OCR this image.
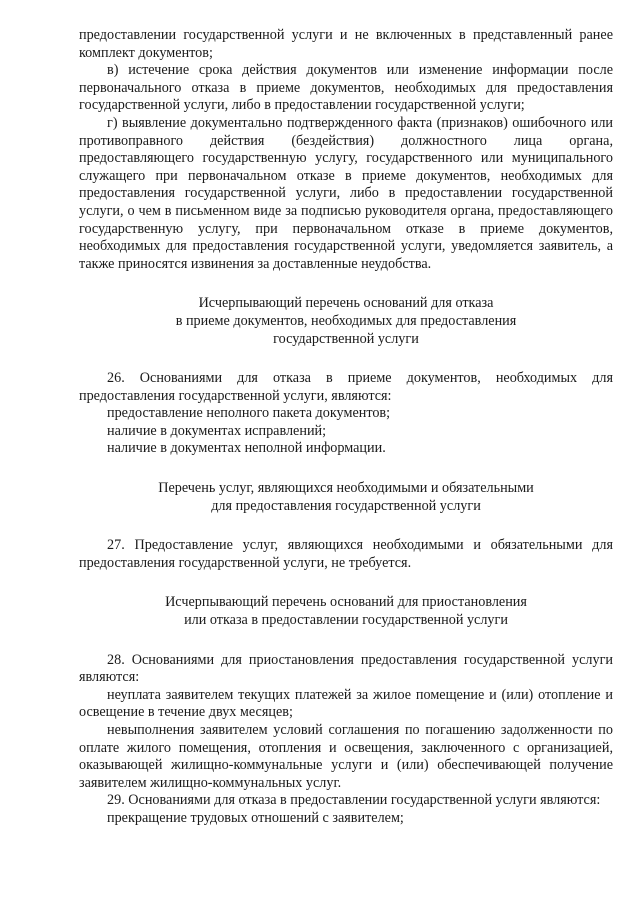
предоставлении государственной услуги и не включенных в представленный ранее комплект документов;

в) истечение срока действия документов или изменение информации после первоначального отказа в приеме документов, необходимых для предоставления государственной услуги, либо в предоставлении государственной услуги;

г) выявление документально подтвержденного факта (признаков) ошибочного или противоправного действия (бездействия) должностного лица органа, предоставляющего государственную услугу, государственного или муниципального служащего при первоначальном отказе в приеме документов, необходимых для предоставления государственной услуги, либо в предоставлении государственной услуги, о чем в письменном виде за подписью руководителя органа, предоставляющего государственную услугу, при первоначальном отказе в приеме документов, необходимых для предоставления государственной услуги, уведомляется заявитель, а также приносятся извинения за доставленные неудобства.

Исчерпывающий перечень оснований для отказа

в приеме документов, необходимых для предоставления

государственной услуги

26. Основаниями для отказа в приеме документов, необходимых для предоставления государственной услуги, являются:

предоставление неполного пакета документов;

наличие в документах исправлений;

наличие в документах неполной информации.

Перечень услуг, являющихся необходимыми и обязательными

для предоставления государственной услуги

27. Предоставление услуг, являющихся необходимыми и обязательными для предоставления государственной услуги, не требуется.

Исчерпывающий перечень оснований для приостановления

или отказа в предоставлении государственной услуги

28. Основаниями для приостановления предоставления государственной услуги являются:

неуплата заявителем текущих платежей за жилое помещение и (или) отопление и освещение в течение двух месяцев;

невыполнения заявителем условий соглашения по погашению задолженности по оплате жилого помещения, отопления и освещения, заключенного с организацией, оказывающей жилищно-коммунальные услуги и (или) обеспечивающей получение заявителем жилищно-коммунальных услуг.

29. Основаниями для отказа в предоставлении государственной услуги являются:

прекращение трудовых отношений с заявителем;
